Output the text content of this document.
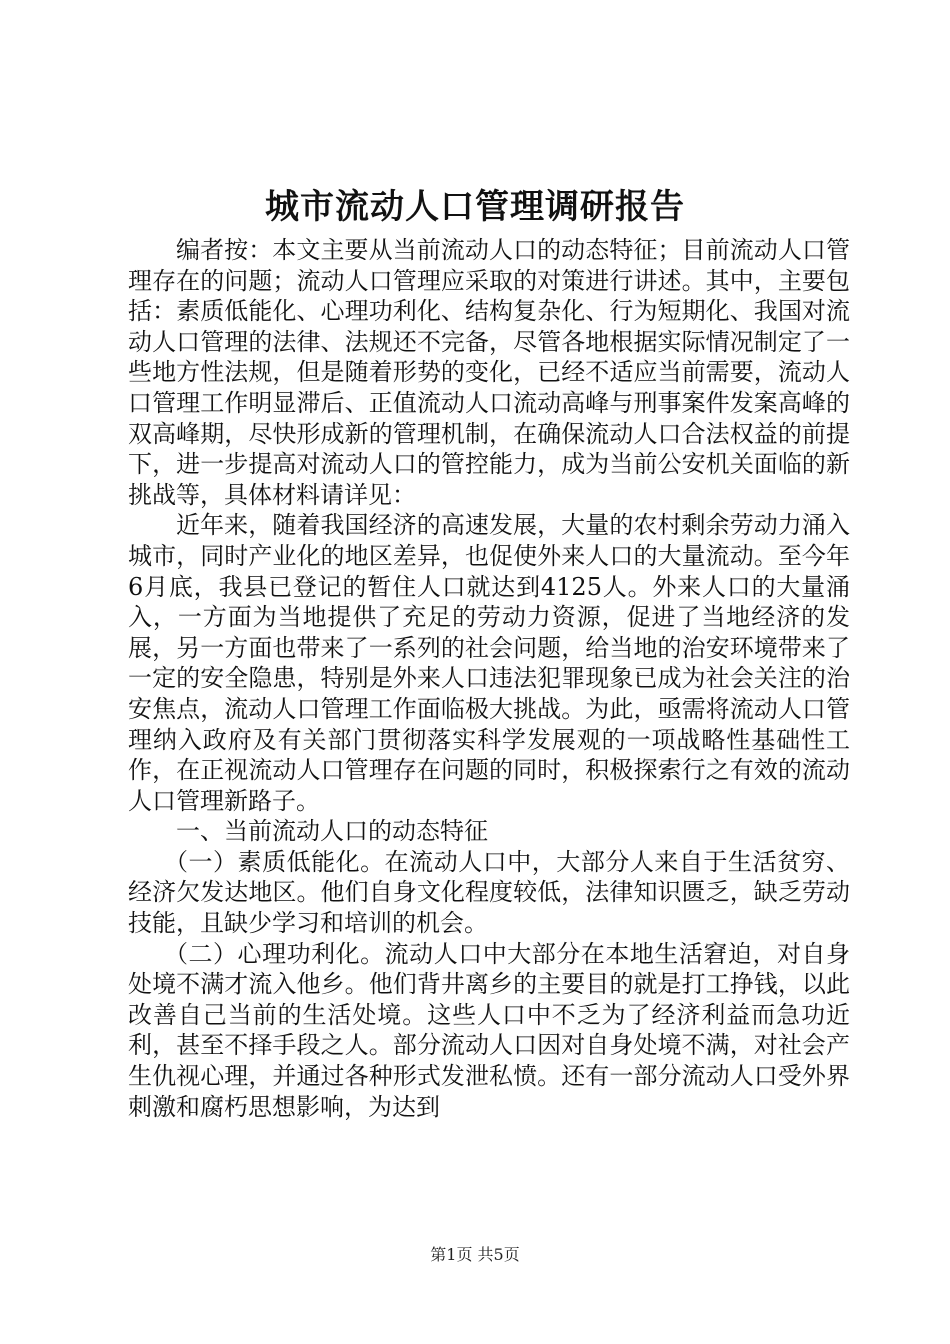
城市流动人口管理调研报告

编者按：本文主要从当前流动人口的动态特征；目前流动人口管理存在的问题；流动人口管理应采取的对策进行讲述。其中，主要包括：素质低能化、心理功利化、结构复杂化、行为短期化、我国对流动人口管理的法律、法规还不完备，尽管各地根据实际情况制定了一些地方性法规，但是随着形势的变化，已经不适应当前需要，流动人口管理工作明显滞后、正值流动人口流动高峰与刑事案件发案高峰的双高峰期，尽快形成新的管理机制，在确保流动人口合法权益的前提下，进一步提高对流动人口的管控能力，成为当前公安机关面临的新挑战等，具体材料请详见：

近年来，随着我国经济的高速发展，大量的农村剩余劳动力涌入城市，同时产业化的地区差异，也促使外来人口的大量流动。至今年6月底，我县已登记的暂住人口就达到4125人。外来人口的大量涌入，一方面为当地提供了充足的劳动力资源，促进了当地经济的发展，另一方面也带来了一系列的社会问题，给当地的治安环境带来了一定的安全隐患，特别是外来人口违法犯罪现象已成为社会关注的治安焦点，流动人口管理工作面临极大挑战。为此，亟需将流动人口管理纳入政府及有关部门贯彻落实科学发展观的一项战略性基础性工作，在正视流动人口管理存在问题的同时，积极探索行之有效的流动人口管理新路子。

一、当前流动人口的动态特征

（一）素质低能化。在流动人口中，大部分人来自于生活贫穷、经济欠发达地区。他们自身文化程度较低，法律知识匮乏，缺乏劳动技能，且缺少学习和培训的机会。

（二）心理功利化。流动人口中大部分在本地生活窘迫，对自身处境不满才流入他乡。他们背井离乡的主要目的就是打工挣钱，以此改善自己当前的生活处境。这些人口中不乏为了经济利益而急功近利，甚至不择手段之人。部分流动人口因对自身处境不满，对社会产生仇视心理，并通过各种形式发泄私愤。还有一部分流动人口受外界刺激和腐朽思想影响，为达到

第1页 共5页
